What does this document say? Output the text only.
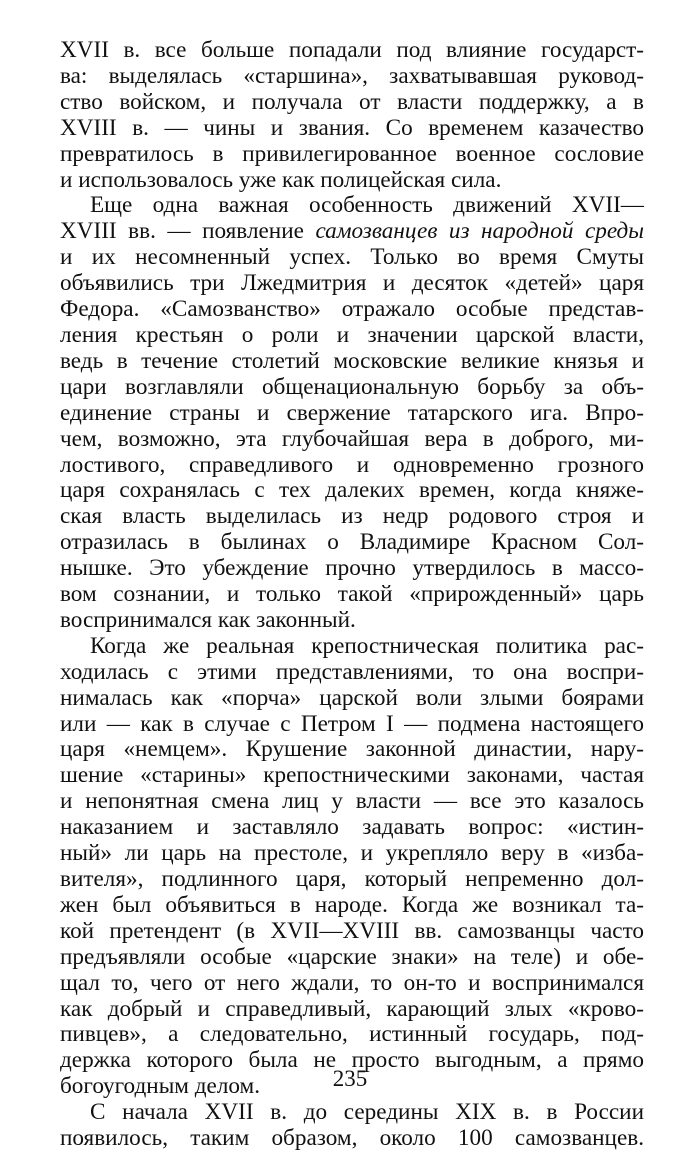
XVII в. все больше попадали под влияние государст-
ва: выделялась «старшина», захватывавшая руковод-
ство войском, и получала от власти поддержку, а в
XVIII в. — чины и звания. Со временем казачество
превратилось в привилегированное военное сословие
и использовалось уже как полицейская сила.

Еще одна важная особенность движений XVII—
XVIII вв. — появление самозванцев из народной среды
и их несомненный успех. Только во время Смуты
объявились три Лжедмитрия и десяток «детей» царя
Федора. «Самозванство» отражало особые представ-
ления крестьян о роли и значении царской власти,
ведь в течение столетий московские великие князья и
цари возглавляли общенациональную борьбу за объ-
единение страны и свержение татарского ига. Впро-
чем, возможно, эта глубочайшая вера в доброго, ми-
лостивого, справедливого и одновременно грозного
царя сохранялась с тех далеких времен, когда княже-
ская власть выделилась из недр родового строя и
отразилась в былинах о Владимире Красном Сол-
нышке. Это убеждение прочно утвердилось в массо-
вом сознании, и только такой «прирожденный» царь
воспринимался как законный.

Когда же реальная крепостническая политика рас-
ходилась с этими представлениями, то она воспри-
нималась как «порча» царской воли злыми боярами
или — как в случае с Петром I — подмена настоящего
царя «немцем». Крушение законной династии, нару-
шение «старины» крепостническими законами, частая
и непонятная смена лиц у власти — все это казалось
наказанием и заставляло задавать вопрос: «истин-
ный» ли царь на престоле, и укрепляло веру в «изба-
вителя», подлинного царя, который непременно дол-
жен был объявиться в народе. Когда же возникал та-
кой претендент (в XVII—XVIII вв. самозванцы часто
предъявляли особые «царские знаки» на теле) и обе-
щал то, чего от него ждали, то он-то и воспринимался
как добрый и справедливый, карающий злых «крово-
пивцев», а следовательно, истинный государь, под-
держка которого была не просто выгодным, а прямо
богоугодным делом.

С начала XVII в. до середины XIX в. в России
появилось, таким образом, около 100 самозванцев.

235
